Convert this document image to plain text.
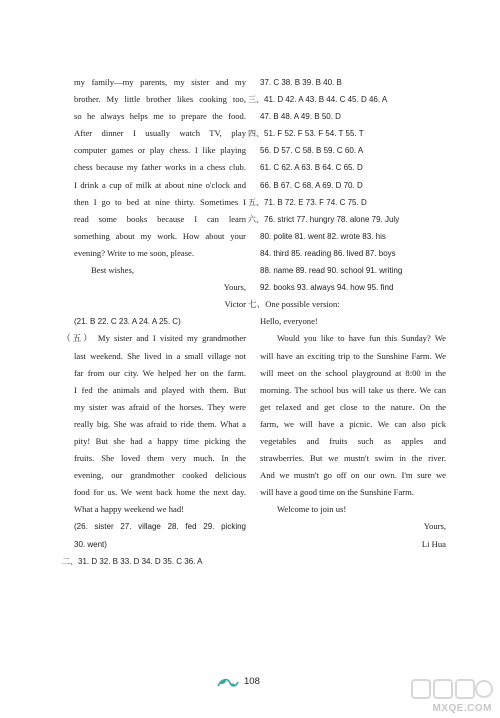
my family—my parents, my sister and my
brother. My little brother likes cooking too,
so he always helps me to prepare the food.
After dinner I usually watch TV, play
computer games or play chess. I like playing
chess because my father works in a chess club.
I drink a cup of milk at about nine o'clock and
then I go to bed at nine thirty. Sometimes I
read some books because I can learn
something about my work. How about your
evening? Write to me soon, please.
Best wishes,
Yours,
Victor
(21. B 22. C 23. A 24. A 25. C)
（五） My sister and I visited my grandmother
last weekend. She lived in a small village not
far from our city. We helped her on the farm.
I fed the animals and played with them. But
my sister was afraid of the horses. They were
really big. She was afraid to ride them. What a
pity! But she had a happy time picking the
fruits. She loved them very much. In the
evening, our grandmother cooked delicious
food for us. We went back home the next day.
What a happy weekend we had!
(26. sister 27. village 28. fed 29. picking
30. went)
二、31. D 32. B 33. D 34. D 35. C 36. A
37. C 38. B 39. B 40. B
三、41. D 42. A 43. B 44. C 45. D 46. A
47. B 48. A 49. B 50. D
四、51. F 52. F 53. F 54. T 55. T
56. D 57. C 58. B 59. C 60. A
61. C 62. A 63. B 64. C 65. D
66. B 67. C 68. A 69. D 70. D
五、71. B 72. E 73. F 74. C 75. D
六、76. strict 77. hungry 78. alone 79. July
80. polite 81. went 82. wrote 83. his
84. third 85. reading 86. lived 87. boys
88. name 89. read 90. school 91. writing
92. books 93. always 94. how 95. find
七、One possible version:
Hello, everyone!
Would you like to have fun this Sunday? We
will have an exciting trip to the Sunshine Farm. We
will meet on the school playground at 8:00 in the
morning. The school bus will take us there. We can
get relaxed and get close to the nature. On the
farm, we will have a picnic. We can also pick
vegetables and fruits such as apples and
strawberries. But we mustn't swim in the river.
And we mustn't go off on our own. I'm sure we
will have a good time on the Sunshine Farm.
Welcome to join us!
Yours,
Li Hua
108
MXQE.COM
